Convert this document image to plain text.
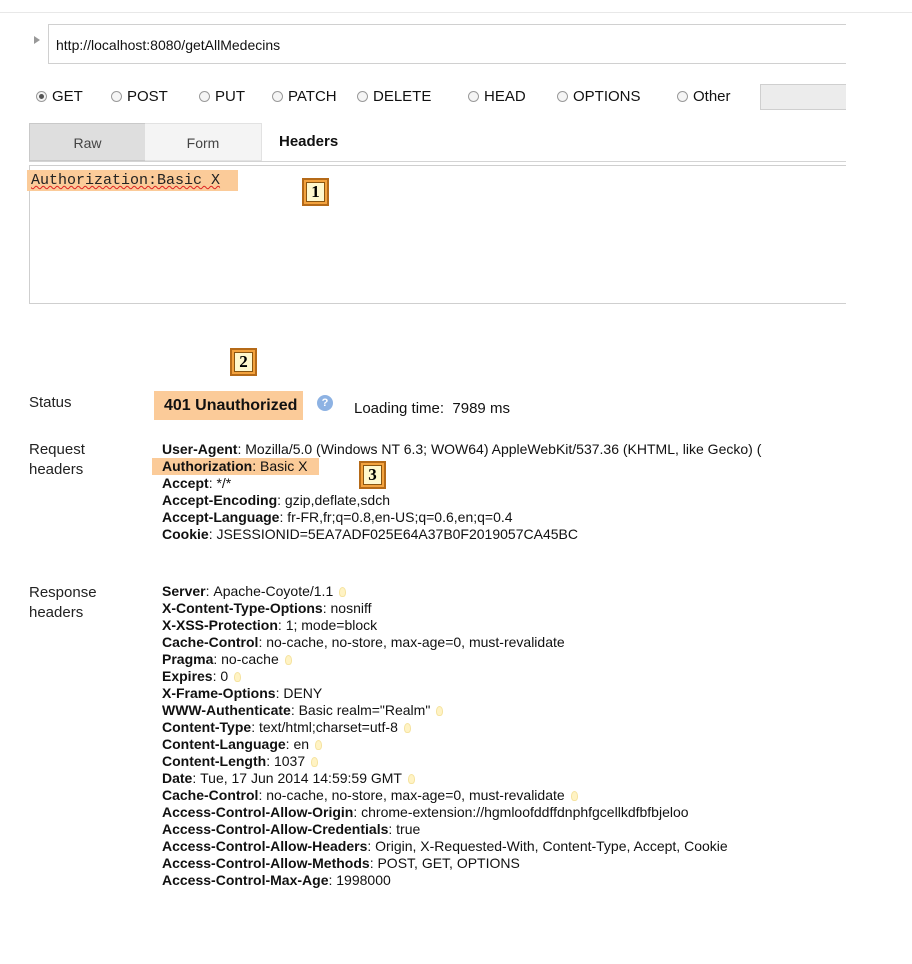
http://localhost:8080/getAllMedecins
GET	POST	PUT	PATCH DELETE	HEAD	OPTIONS	Other
Raw	Form	Headers
Authorization:Basic X
1
2
Status	401 Unauthorized	?	Loading time: 7989 ms
Request
headers
User-Agent : Mozilla/5.0 (Windows NT 6.3; WOW64) AppleWebKit/537.36 (KHTML, like Gecko) (
Authorization: Basic X
Accept : */*
Accept-Encoding : gzip,deflate,sdch
Accept-Language : fr-FR,fr;q=0.8,en-US;q=0.6,en;q=0.4
Cookie : JSESSIONID=5EA7ADF025E64A37B0F2019057CA45BC
3
Response
headers
Server : Apache-Coyote/1.1
X-Content-Type-Options : nosniff
X-XSS-Protection : 1; mode=block
Cache-Control : no-cache, no-store, max-age=0, must-revalidate
Pragma : no-cache
Expires : 0
X-Frame-Options : DENY
WWW-Authenticate : Basic realm="Realm"
Content-Type : text/html;charset=utf-8
Content-Language : en
Content-Length : 1037
Date : Tue, 17 Jun 2014 14:59:59 GMT
Cache-Control : no-cache, no-store, max-age=0, must-revalidate
Access-Control-Allow-Origin : chrome-extension://hgmloofddffdnphfgcellkdfbfbjeloo
Access-Control-Allow-Credentials : true
Access-Control-Allow-Headers : Origin, X-Requested-With, Content-Type, Accept, Cookie
Access-Control-Allow-Methods : POST, GET, OPTIONS
Access-Control-Max-Age : 1998000
